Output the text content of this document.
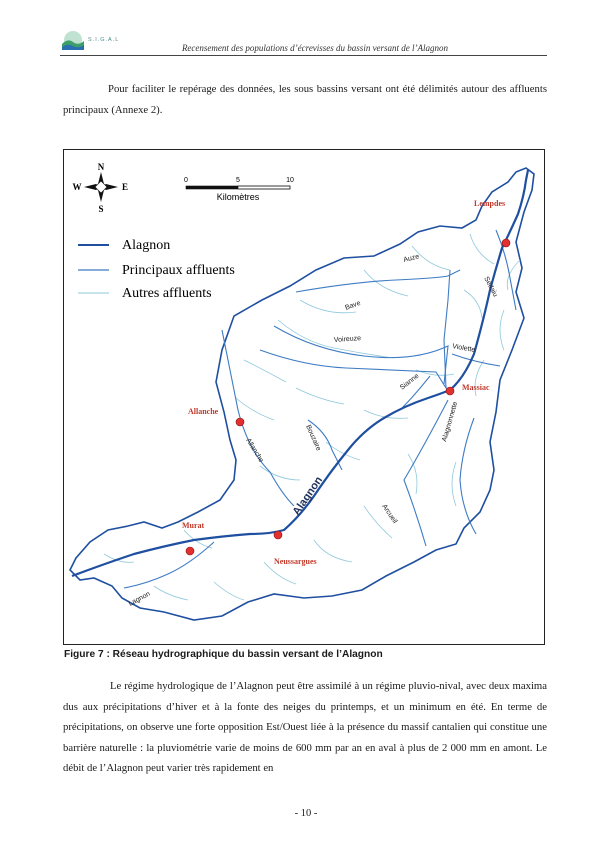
S.I.G.A.L
Recensement des populations d’écrevisses du bassin versant de l’Alagnon

Pour faciliter le repérage des données, les sous bassins versant ont été délimités autour des affluents principaux (Annexe 2).

N
S
E
W
0	5	10
Kilomètres
Alagnon
Principaux affluents
Autres affluents
Auze
Sédaiu
Bave
Voireuze
Violette
Sianne
Bouzaire
Allanche
Alagnonnette
Arcueil
Lagnon
Alagnon
Lempdes
Massiac
Allanche
Murat
Neussargues
Figure 7 : Réseau hydrographique du bassin versant de l’Alagnon

Le régime hydrologique de l’Alagnon peut être assimilé à un régime pluvio-nival, avec deux maxima dus aux précipitations d’hiver et à la fonte des neiges du printemps, et un minimum en été. En terme de précipitations, on observe une forte opposition Est/Ouest liée à la présence du massif cantalien qui constitue une barrière naturelle : la pluviométrie varie de moins de 600 mm par an en aval à plus de 2 000 mm en amont. Le débit de l’Alagnon peut varier très rapidement en

- 10 -
